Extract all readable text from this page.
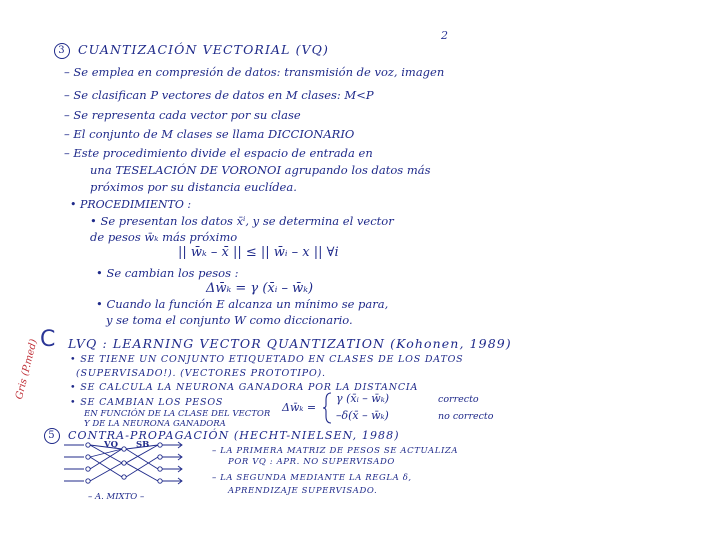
2
3 CUANTIZACIÓN VECTORIAL (VQ)
– Se emplea en compresión de datos: transmisión de voz, imagen
– Se clasifican P vectores de datos en M clases: M<P
– Se representa cada vector por su clase
– El conjunto de M clases se llama DICCIONARIO
– Este procedimiento divide el espacio de entrada en
una TESELACIÓN DE VORONOI agrupando los datos más
próximos por su distancia euclídea.
• PROCEDIMIENTO :
• Se presentan los datos x̄ⁱ, y se determina el vector
de pesos w̄ₖ más próximo
|| w̄ₖ – x̄ || ≤ || w̄ᵢ – x || ∀i
• Se cambian los pesos :
Δw̄ₖ = γ (x̄ᵢ – w̄ₖ)
• Cuando la función E alcanza un mínimo se para,
y se toma el conjunto W como diccionario.
C LVQ : LEARNING VECTOR QUANTIZATION (Kohonen, 1989)
• SE TIENE UN CONJUNTO ETIQUETADO EN CLASES DE LOS DATOS
(SUPERVISADO!). (VECTORES PROTOTIPO).
• SE CALCULA LA NEURONA GANADORA POR LA DISTANCIA
• SE CAMBIAN LOS PESOS
EN FUNCIÓN DE LA CLASE DEL VECTOR
Y DE LA NEURONA GANADORA
Δw̄ₖ =
γ (x̄ᵢ – w̄ₖ)	correcto
–δ(x̄ – w̄ₖ)	no correcto
Gris (P.med)
5 CONTRA-PROPAGACIÓN (HECHT-NIELSEN, 1988)
VQ SB
– A. MIXTO –
– LA PRIMERA MATRIZ DE PESOS SE ACTUALIZA
POR VQ : APR. NO SUPERVISADO
– LA SEGUNDA MEDIANTE LA REGLA δ,
APRENDIZAJE SUPERVISADO.
